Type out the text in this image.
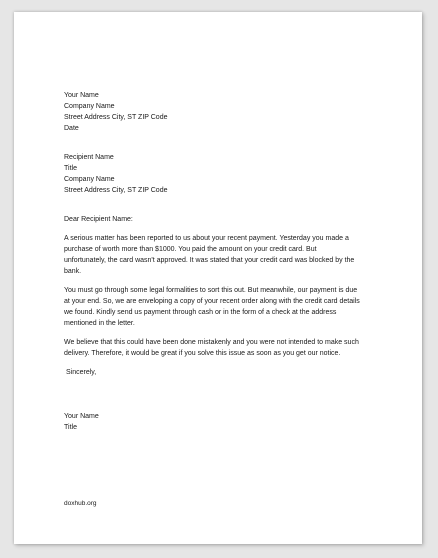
Your Name
Company Name
Street Address City, ST ZIP Code
Date
Recipient Name
Title
Company Name
Street Address City, ST ZIP Code
Dear Recipient Name:
A serious matter has been reported to us about your recent payment. Yesterday you made a
purchase of worth more than $1000. You paid the amount on your credit card. But
unfortunately, the card wasn't approved. It was stated that your credit card was blocked by the
bank.
You must go through some legal formalities to sort this out. But meanwhile, our payment is due
at your end. So, we are enveloping a copy of your recent order along with the credit card details
we found. Kindly send us payment through cash or in the form of a check at the address
mentioned in the letter.
We believe that this could have been done mistakenly and you were not intended to make such
delivery. Therefore, it would be great if you solve this issue as soon as you get our notice.
Sincerely,
Your Name
Title
doxhub.org
